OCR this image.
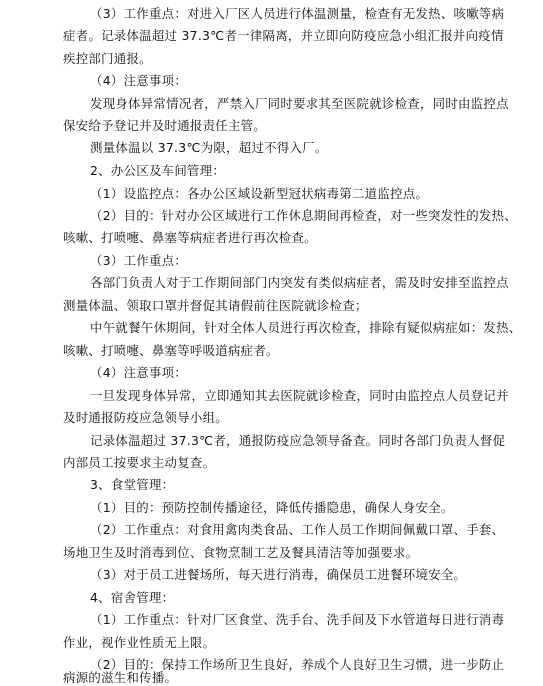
（3）工作重点：对进入厂区人员进行体温测量，检查有无发热、咳嗽等病
症者。记录体温超过 37.3℃者一律隔离，并立即向防疫应急小组汇报并向疫情
疾控部门通报。
（4）注意事项：
发现身体异常情况者，严禁入厂同时要求其至医院就诊检查，同时由监控点
保安给予登记并及时通报责任主管。
测量体温以 37.3℃为限，超过不得入厂。
2、办公区及车间管理：
（1）设监控点：各办公区域设新型冠状病毒第二道监控点。
（2）目的：针对办公区域进行工作休息期间再检查，对一些突发性的发热、
咳嗽、打喷嚏、鼻塞等病症者进行再次检查。
（3）工作重点：
各部门负责人对于工作期间部门内突发有类似病症者，需及时安排至监控点
测量体温、领取口罩并督促其请假前往医院就诊检查；
中午就餐午休期间，针对全体人员进行再次检查，排除有疑似病症如：发热、
咳嗽、打喷嚏、鼻塞等呼吸道病症者。
（4）注意事项：
一旦发现身体异常，立即通知其去医院就诊检查，同时由监控点人员登记并
及时通报防疫应急领导小组。
记录体温超过 37.3℃者，通报防疫应急领导备查。同时各部门负责人督促
内部员工按要求主动复查。
3、食堂管理：
（1）目的：预防控制传播途径，降低传播隐患，确保人身安全。
（2）工作重点：对食用禽肉类食品、工作人员工作期间佩戴口罩、手套、
场地卫生及时消毒到位、食物烹制工艺及餐具清洁等加强要求。
（3）对于员工进餐场所，每天进行消毒，确保员工进餐环境安全。
4、宿舍管理：
（1）工作重点：针对厂区食堂、洗手台、洗手间及下水管道每日进行消毒
作业，视作业性质无上限。
（2）目的：保持工作场所卫生良好，养成个人良好卫生习惯，进一步防止
病源的滋生和传播。
